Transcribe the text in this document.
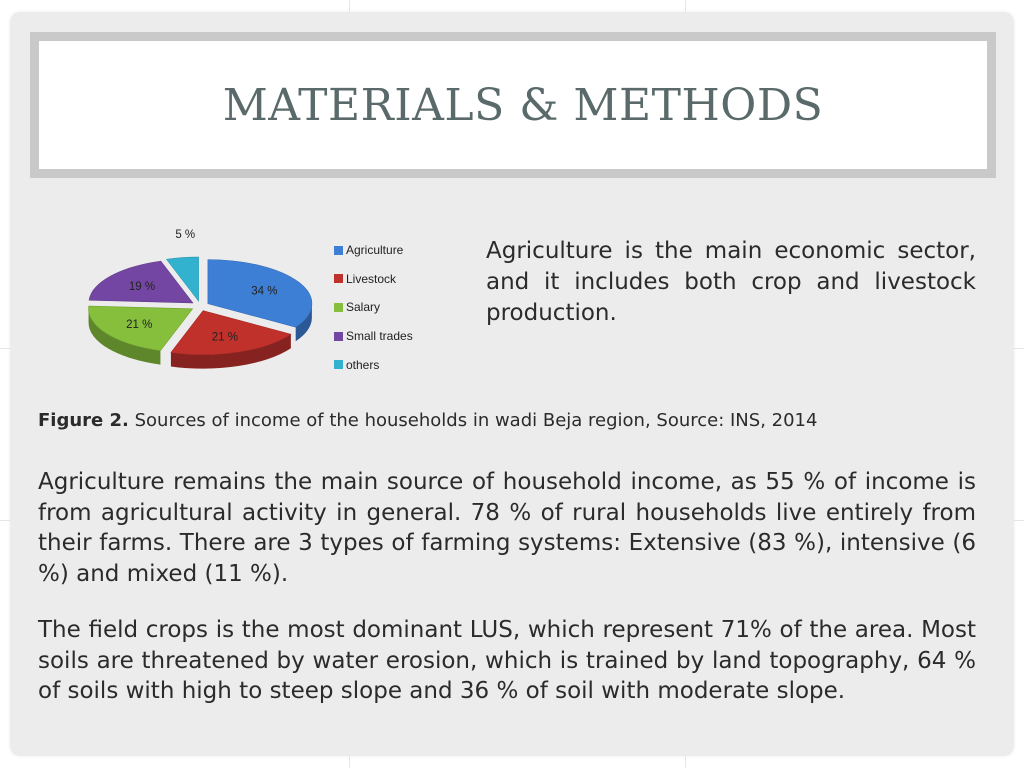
MATERIALS & METHODS
34 %
21 %
21 %
19 %
5 %
Agriculture
Livestock
Salary
Small trades
others
Agriculture is the main economic sector, and it includes both crop and livestock production.
Figure 2. Sources of income of the households in wadi Beja region, Source: INS, 2014
Agriculture remains the main source of household income, as 55 % of income is from agricultural activity in general. 78 % of rural households live entirely from their farms. There are 3 types of farming systems: Extensive (83 %), intensive (6 %) and mixed (11 %).
The field crops is the most dominant LUS, which represent 71% of the area. Most soils are threatened by water erosion, which is trained by land topography, 64 % of soils with high to steep slope and 36 % of soil with moderate slope.
